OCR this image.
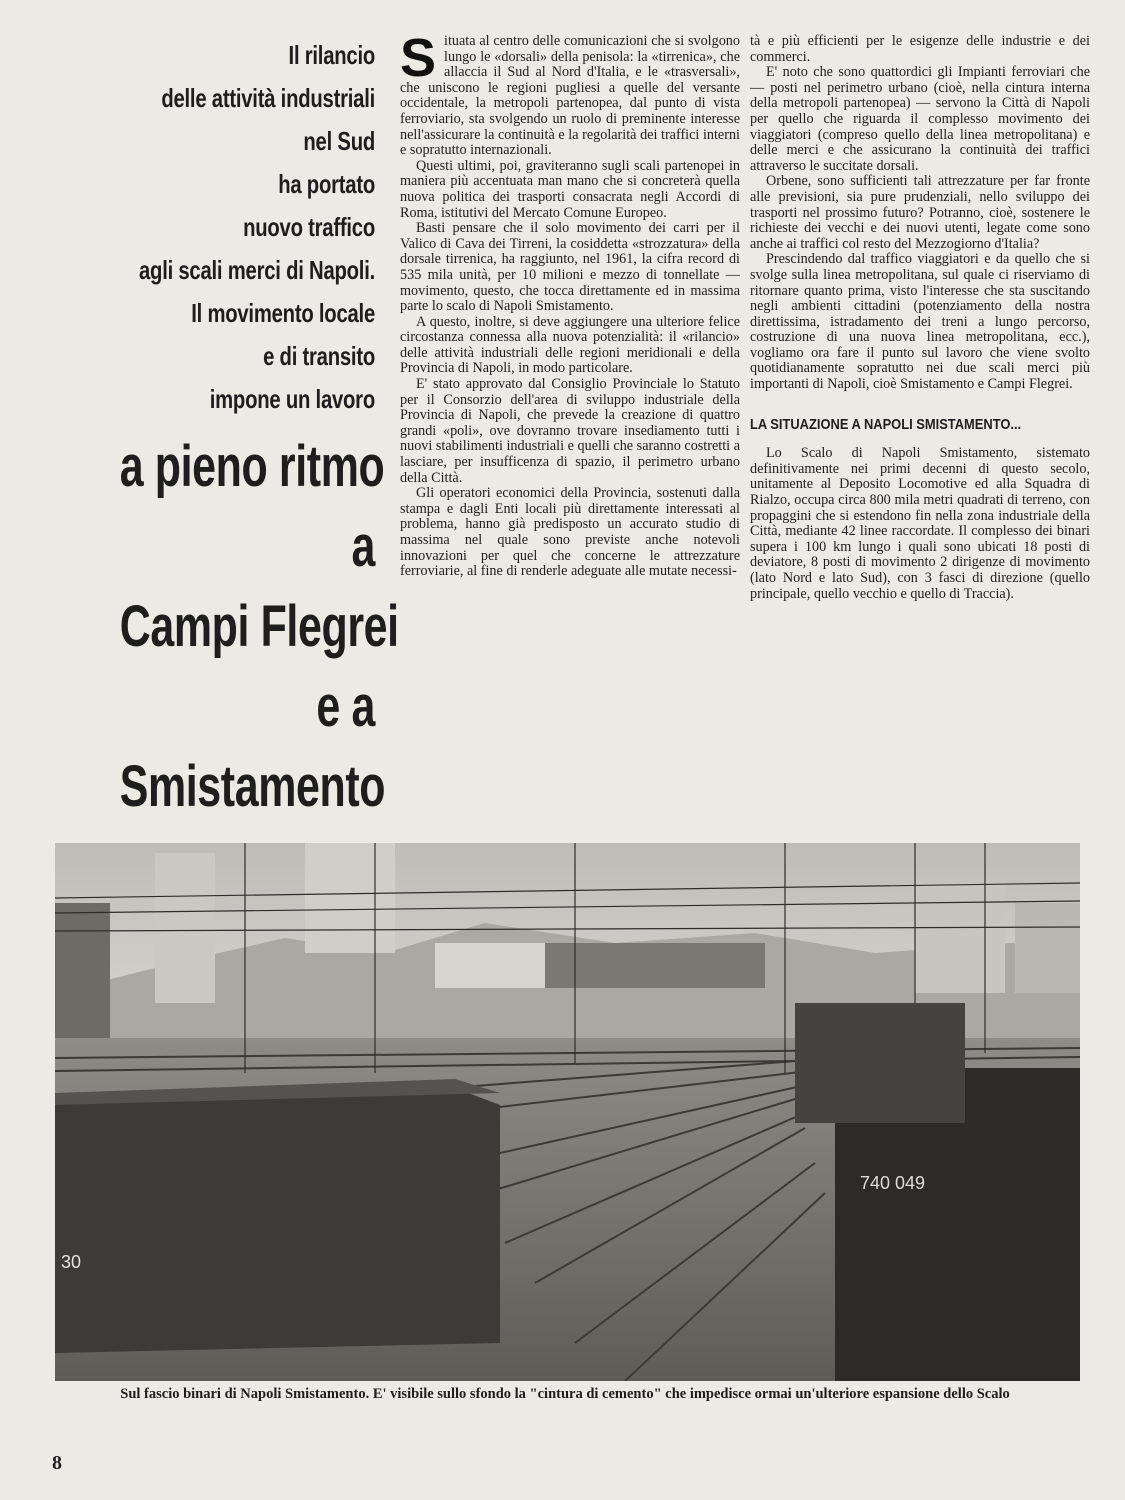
Il rilancio
delle attività industriali
nel Sud
ha portato
nuovo traffico
agli scali merci di Napoli.
Il movimento locale
e di transito
impone un lavoro
a pieno ritmo
a
Campi Flegrei
e a
Smistamento

Situata al centro delle comunicazioni che si svolgono lungo le «dorsali» della penisola: la «tirrenica», che allaccia il Sud al Nord d'Italia, e le «trasversali», che uniscono le regioni pugliesi a quelle del versante occidentale, la metropoli partenopea, dal punto di vista ferroviario, sta svolgendo un ruolo di preminente interesse nell'assicurare la continuità e la regolarità dei traffici interni e sopratutto internazionali.

Questi ultimi, poi, graviteranno sugli scali partenopei in maniera più accentuata man mano che si concreterà quella nuova politica dei trasporti consacrata negli Accordi di Roma, istitutivi del Mercato Comune Europeo.

Basti pensare che il solo movimento dei carri per il Valico di Cava dei Tirreni, la cosiddetta «strozzatura» della dorsale tirrenica, ha raggiunto, nel 1961, la cifra record di 535 mila unità, per 10 milioni e mezzo di tonnellate — movimento, questo, che tocca direttamente ed in massima parte lo scalo di Napoli Smistamento.

A questo, inoltre, si deve aggiungere una ulteriore felice circostanza connessa alla nuova potenzialità: il «rilancio» delle attività industriali delle regioni meridionali e della Provincia di Napoli, in modo particolare.

E' stato approvato dal Consiglio Provinciale lo Statuto per il Consorzio dell'area di sviluppo industriale della Provincia di Napoli, che prevede la creazione di quattro grandi «poli», ove dovranno trovare insediamento tutti i nuovi stabilimenti industriali e quelli che saranno costretti a lasciare, per insufficenza di spazio, il perimetro urbano della Città.

Gli operatori economici della Provincia, sostenuti dalla stampa e dagli Enti locali più direttamente interessati al problema, hanno già predisposto un accurato studio di massima nel quale sono previste anche notevoli innovazioni per quel che concerne le attrezzature ferroviarie, al fine di renderle adeguate alle mutate necessi-

tà e più efficienti per le esigenze delle industrie e dei commerci.

E' noto che sono quattordici gli Impianti ferroviari che — posti nel perimetro urbano (cioè, nella cintura interna della metropoli partenopea) — servono la Città di Napoli per quello che riguarda il complesso movimento dei viaggiatori (compreso quello della linea metropolitana) e delle merci e che assicurano la continuità dei traffici attraverso le succitate dorsali.

Orbene, sono sufficienti tali attrezzature per far fronte alle previsioni, sia pure prudenziali, nello sviluppo dei trasporti nel prossimo futuro? Potranno, cioè, sostenere le richieste dei vecchi e dei nuovi utenti, legate come sono anche ai traffici col resto del Mezzogiorno d'Italia?

Prescindendo dal traffico viaggiatori e da quello che si svolge sulla linea metropolitana, sul quale ci riserviamo di ritornare quanto prima, visto l'interesse che sta suscitando negli ambienti cittadini (potenziamento della nostra direttissima, istradamento dei treni a lungo percorso, costruzione di una nuova linea metropolitana, ecc.), vogliamo ora fare il punto sul lavoro che viene svolto quotidianamente sopratutto nei due scali merci più importanti di Napoli, cioè Smistamento e Campi Flegrei.

LA SITUAZIONE A NAPOLI SMISTAMENTO...

Lo Scalo di Napoli Smistamento, sistemato definitivamente nei primi decenni di questo secolo, unitamente al Deposito Locomotive ed alla Squadra di Rialzo, occupa circa 800 mila metri quadrati di terreno, con propaggini che si estendono fin nella zona industriale della Città, mediante 42 linee raccordate. Il complesso dei binari supera i 100 km lungo i quali sono ubicati 18 posti di deviatore, 8 posti di movimento 2 dirigenze di movimento (lato Nord e lato Sud), con 3 fasci di direzione (quello principale, quello vecchio e quello di Traccia).

30
740 049
Sul fascio binari di Napoli Smistamento. E' visibile sullo sfondo la "cintura di cemento" che impedisce ormai un'ulteriore espansione dello Scalo
8
